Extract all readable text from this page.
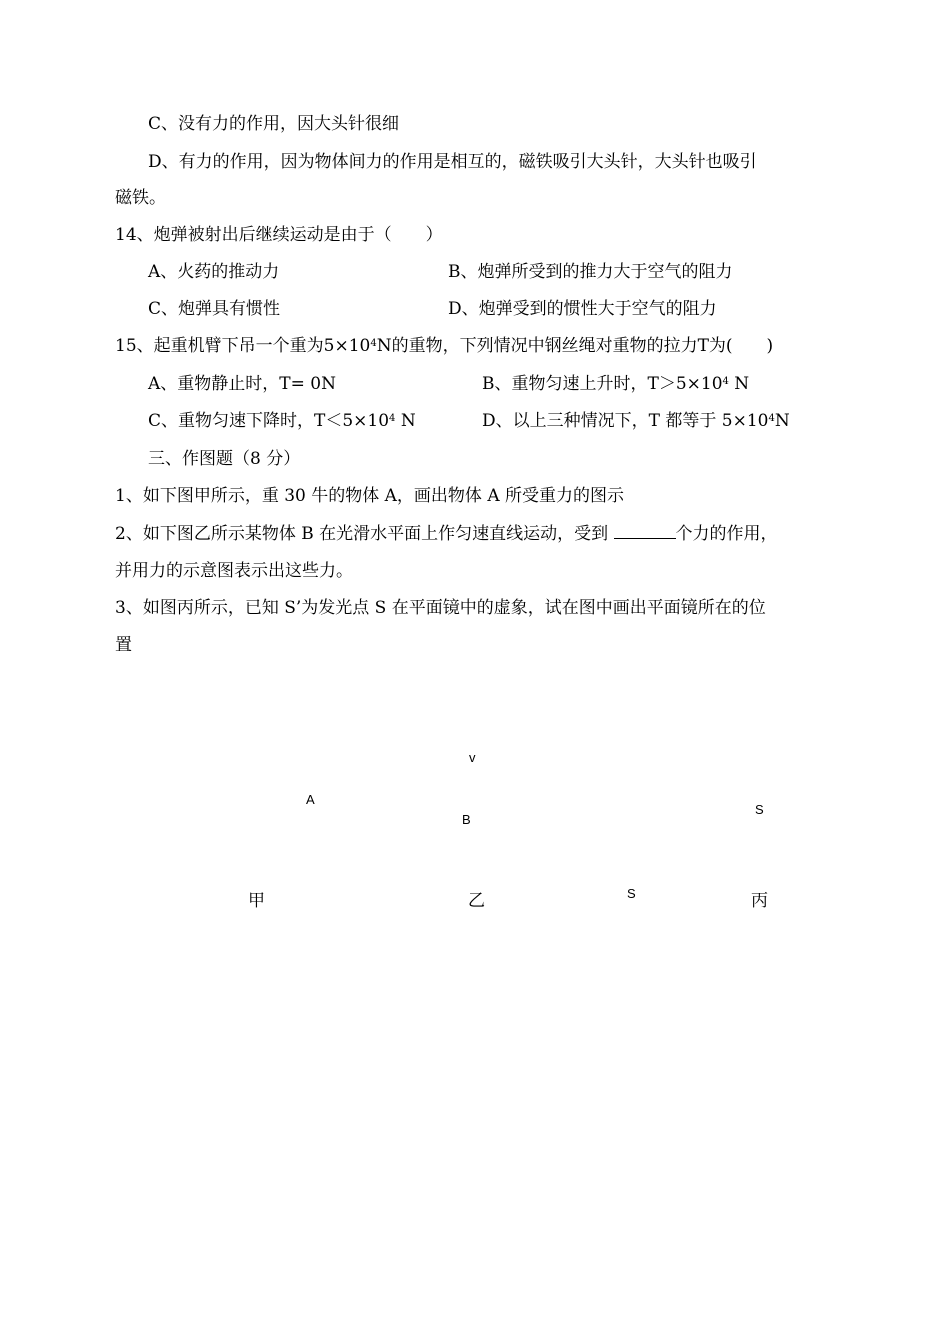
C、没有力的作用，因大头针很细
D、有力的作用，因为物体间力的作用是相互的，磁铁吸引大头针，大头针也吸引
磁铁。
14、炮弹被射出后继续运动是由于（　　）
A、火药的推动力	B、炮弹所受到的推力大于空气的阻力
C、炮弹具有惯性	D、炮弹受到的惯性大于空气的阻力
15、起重机臂下吊一个重为$5\times 10^4N$的重物，下列情况中钢丝绳对重物的拉力T为(　　)
A、重物静止时，T= 0N	B、重物匀速上升时，$T>5\times 10^4$ N
C、重物匀速下降时，$T<5\times 10^4$ N	D、以上三种情况下，T 都等于 $5\times 10^4N$
三、作图题（8 分）
1、如下图甲所示，重 30 牛的物体 A，画出物体 A 所受重力的图示
2、如下图乙所示某物体 B 在光滑水平面上作匀速直线运动，受到	个力的作用，
并用力的示意图表示出这些力。
3、如图丙所示，已知 S’为发光点 S 在平面镜中的虚象，试在图中画出平面镜所在的位
置
v
A
B
S
S
甲	乙	丙
